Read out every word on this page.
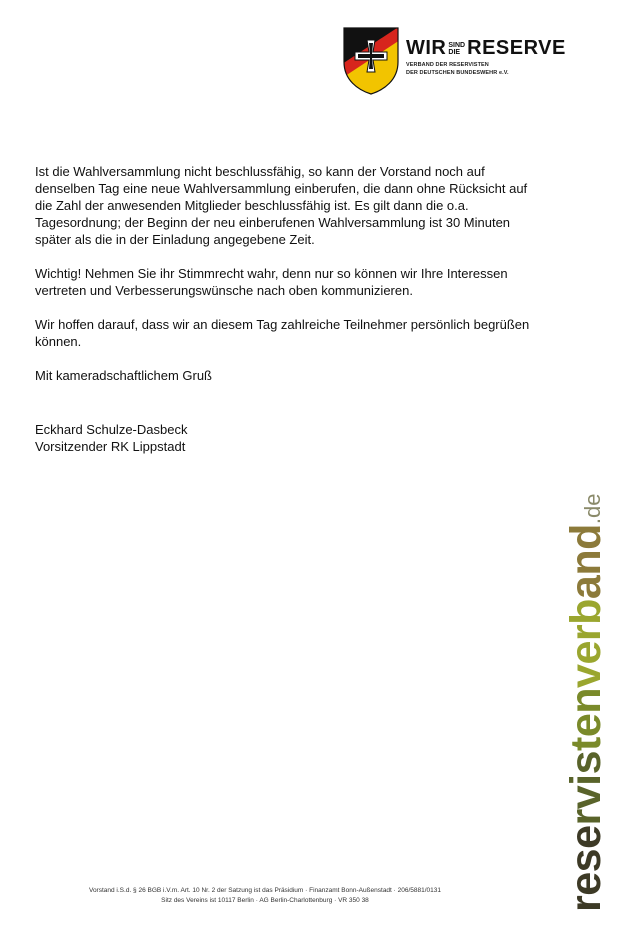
WIR SIND
DIE RESERVE
VERBAND DER RESERVISTEN
DER DEUTSCHEN BUNDESWEHR e.V.

Ist die Wahlversammlung nicht beschlussfähig, so kann der Vorstand noch auf
denselben Tag eine neue Wahlversammlung einberufen, die dann ohne Rücksicht auf
die Zahl der anwesenden Mitglieder beschlussfähig ist. Es gilt dann die o.a.
Tagesordnung; der Beginn der neu einberufenen Wahlversammlung ist 30 Minuten
später als die in der Einladung angegebene Zeit.

Wichtig! Nehmen Sie ihr Stimmrecht wahr, denn nur so können wir Ihre Interessen
vertreten und Verbesserungswünsche nach oben kommunizieren.

Wir hoffen darauf, dass wir an diesem Tag zahlreiche Teilnehmer persönlich begrüßen
können.

Mit kameradschaftlichem Gruß

Eckhard Schulze-Dasbeck

Vorsitzender RK Lippstadt

reservistenverband.de
Vorstand i.S.d. § 26 BGB i.V.m. Art. 10 Nr. 2 der Satzung ist das Präsidium · Finanzamt Bonn-Außenstadt · 206/5881/0131
Sitz des Vereins ist 10117 Berlin · AG Berlin-Charlottenburg · VR 350 38
